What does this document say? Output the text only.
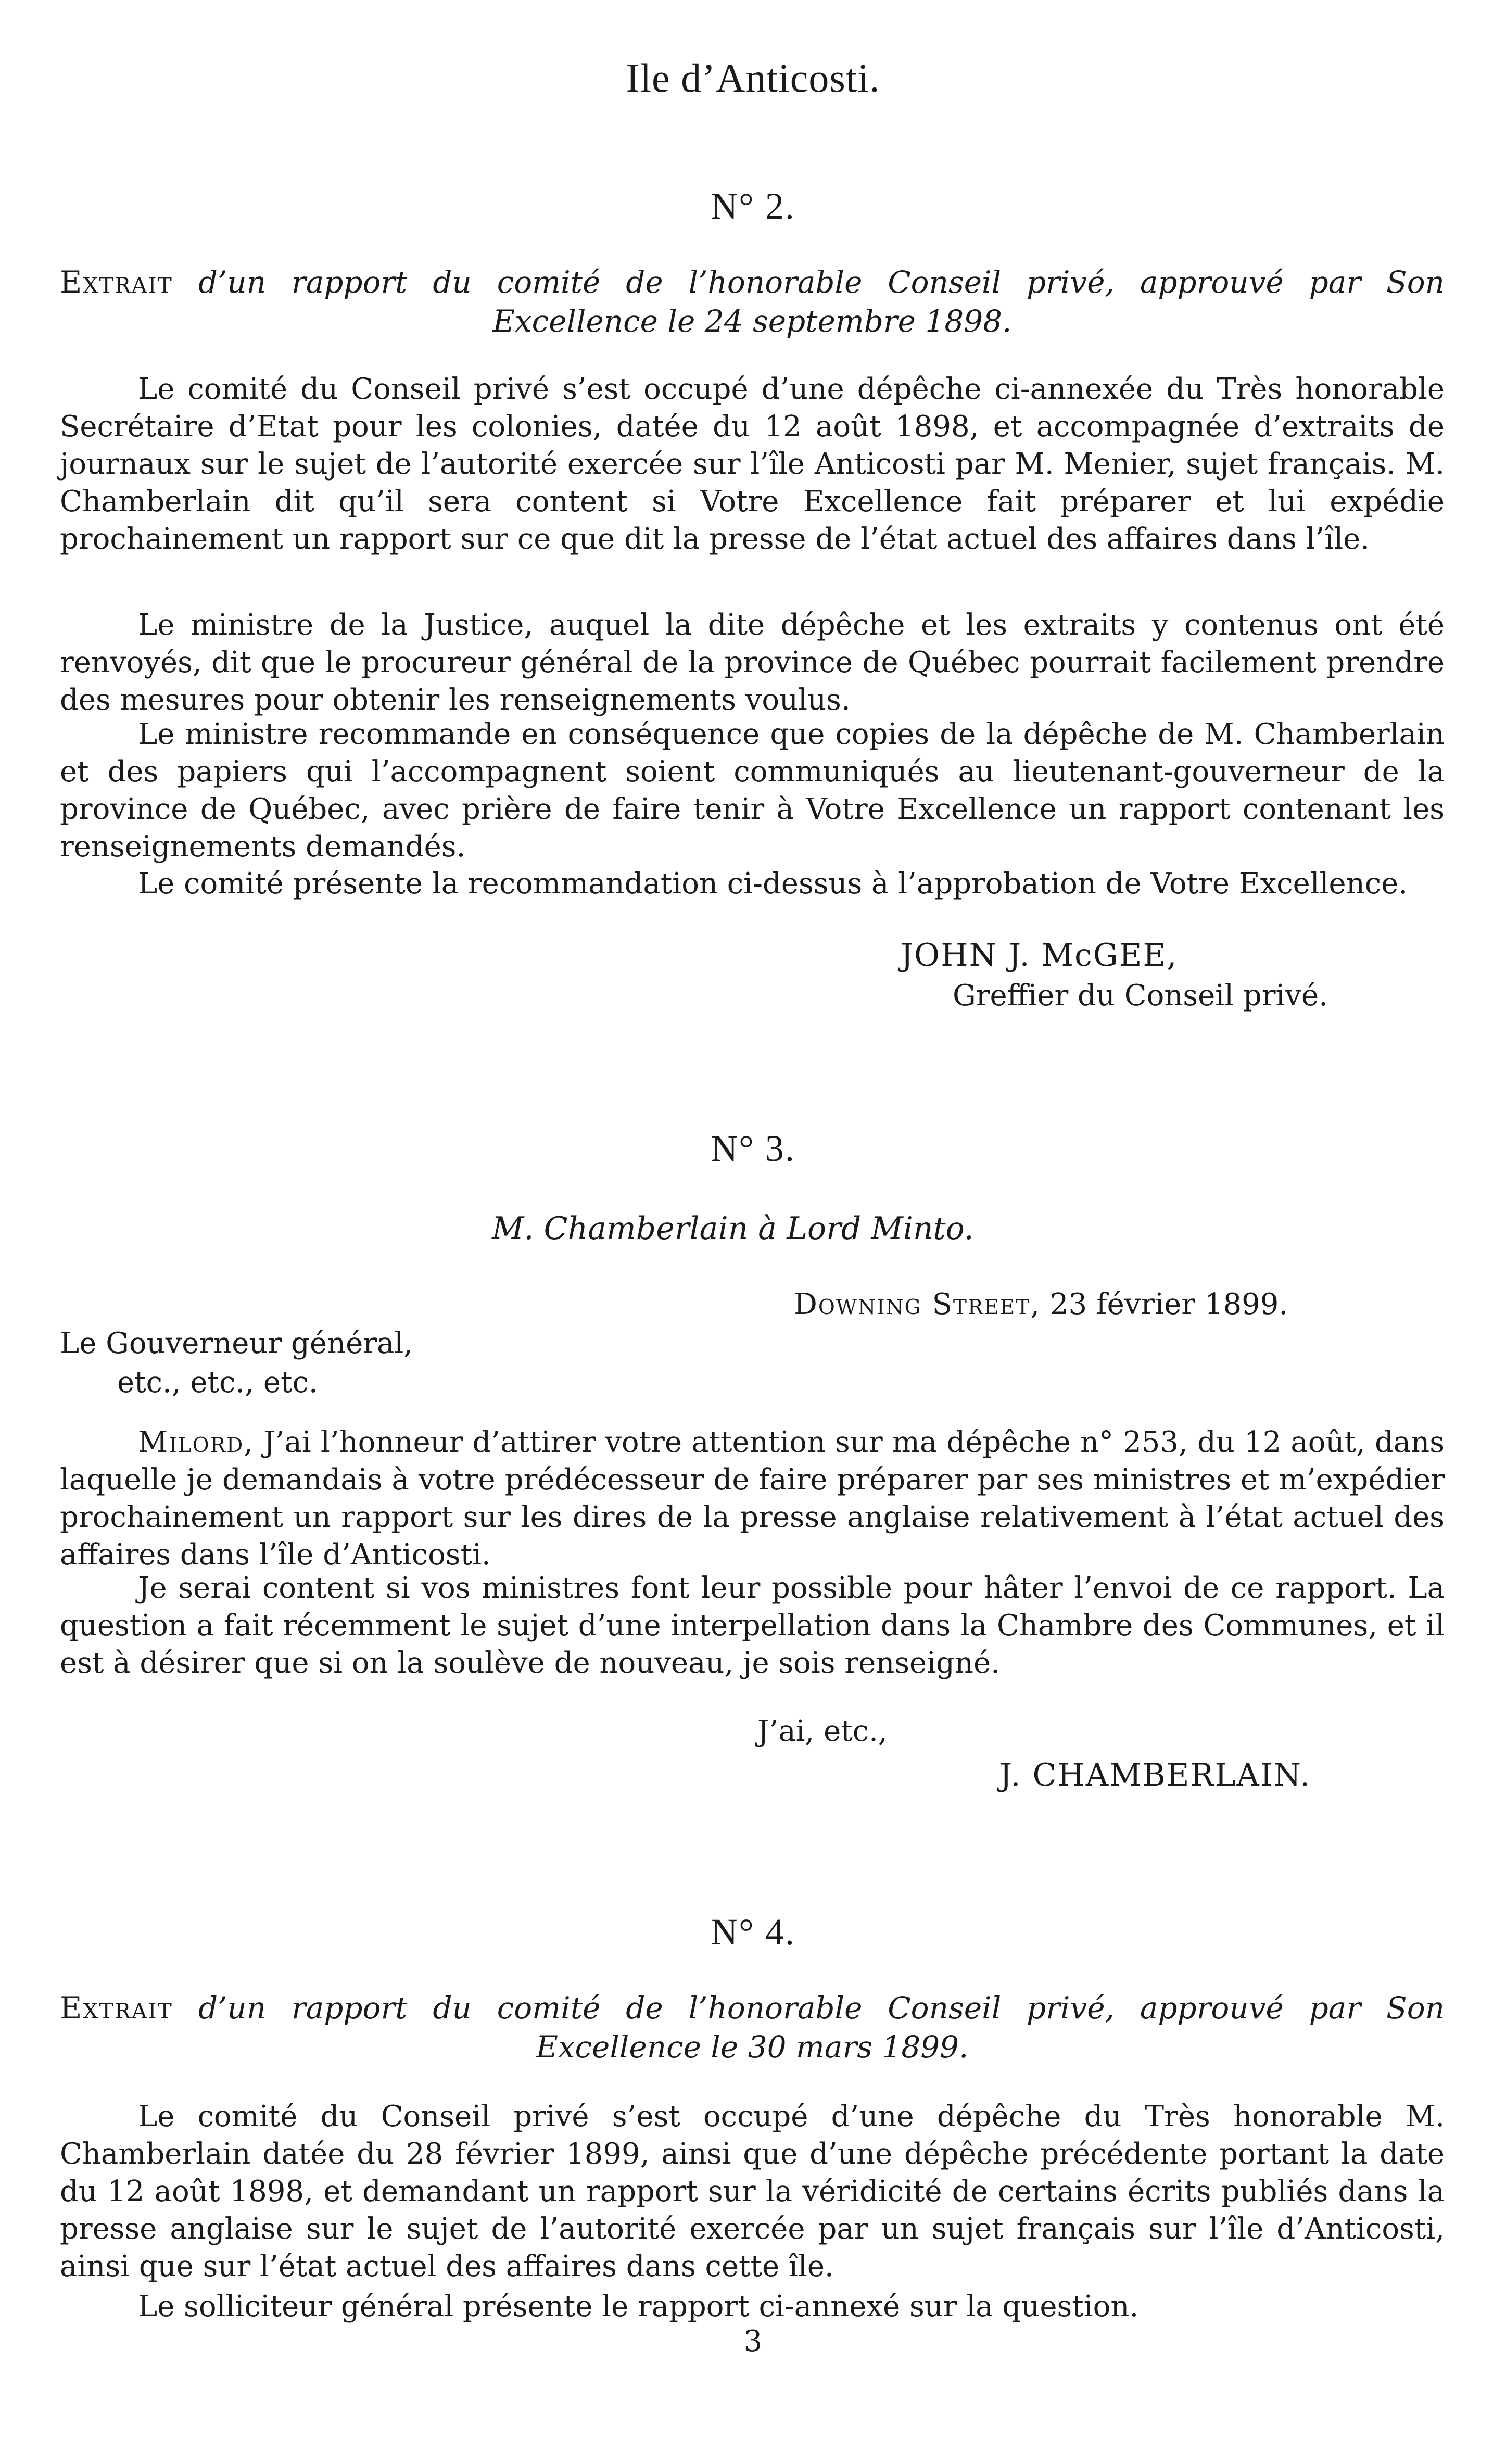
Ile d’Anticosti.
N° 2.

Extrait d’un rapport du comité de l’honorable Conseil privé, approuvé par Son Excellence le 24 septembre 1898.

Le comité du Conseil privé s’est occupé d’une dépêche ci-annexée du Très honorable Secrétaire d’Etat pour les colonies, datée du 12 août 1898, et accompagnée d’extraits de journaux sur le sujet de l’autorité exercée sur l’île Anticosti par M. Menier, sujet français. M. Chamberlain dit qu’il sera content si Votre Excellence fait préparer et lui expédie prochainement un rapport sur ce que dit la presse de l’état actuel des affaires dans l’île.

Le ministre de la Justice, auquel la dite dépêche et les extraits y contenus ont été renvoyés, dit que le procureur général de la province de Québec pourrait facilement prendre des mesures pour obtenir les renseignements voulus.

Le ministre recommande en conséquence que copies de la dépêche de M. Chamberlain et des papiers qui l’accompagnent soient communiqués au lieutenant-gouverneur de la province de Québec, avec prière de faire tenir à Votre Excellence un rapport contenant les renseignements demandés.

Le comité présente la recommandation ci-dessus à l’approbation de Votre Excellence.

JOHN J. McGEE,
Greffier du Conseil privé.
N° 3.
M. Chamberlain à Lord Minto.
Downing Street, 23 février 1899.
Le Gouverneur général,
etc., etc., etc.

Milord, J’ai l’honneur d’attirer votre attention sur ma dépêche n° 253, du 12 août, dans laquelle je demandais à votre prédécesseur de faire préparer par ses ministres et m’expédier prochainement un rapport sur les dires de la presse anglaise relativement à l’état actuel des affaires dans l’île d’Anticosti.

Je serai content si vos ministres font leur possible pour hâter l’envoi de ce rapport. La question a fait récemment le sujet d’une interpellation dans la Chambre des Communes, et il est à désirer que si on la soulève de nouveau, je sois renseigné.

J’ai, etc.,
J. CHAMBERLAIN.
N° 4.

Extrait d’un rapport du comité de l’honorable Conseil privé, approuvé par Son Excellence le 30 mars 1899.

Le comité du Conseil privé s’est occupé d’une dépêche du Très honorable M. Chamberlain datée du 28 février 1899, ainsi que d’une dépêche précédente portant la date du 12 août 1898, et demandant un rapport sur la véridicité de certains écrits publiés dans la presse anglaise sur le sujet de l’autorité exercée par un sujet français sur l’île d’Anticosti, ainsi que sur l’état actuel des affaires dans cette île.

Le solliciteur général présente le rapport ci-annexé sur la question.

3
